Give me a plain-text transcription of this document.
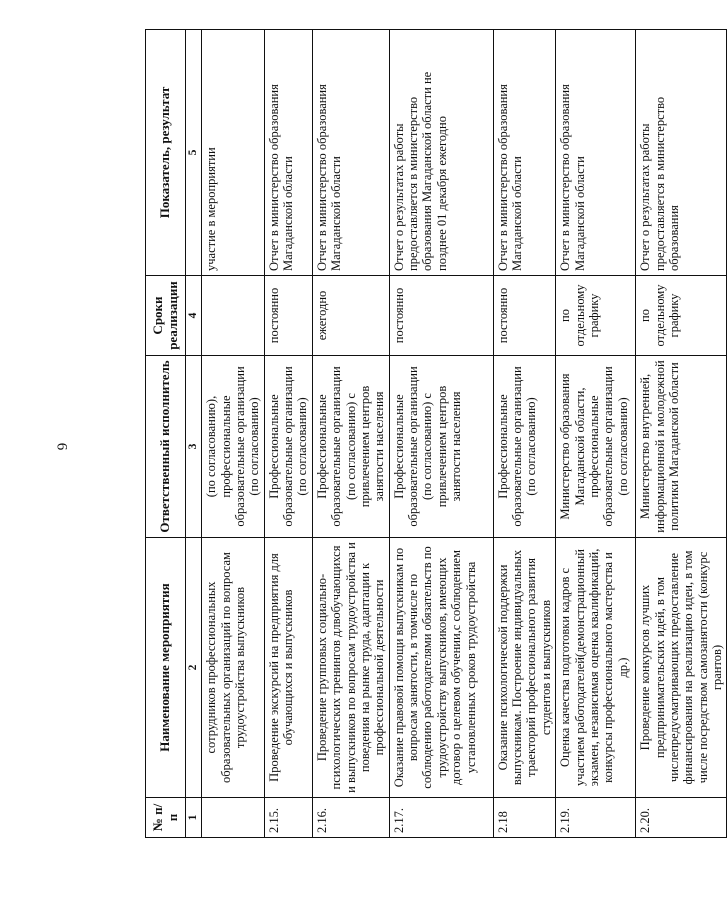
6
№ п/п	Наименование мероприятия	Ответственный исполнитель	Сроки реализации	Показатель, результат
1	2	3	4	5
	сотрудников профессиональных образовательных организаций по вопросам трудоустройства выпускников	(по согласованию), профессиональные образовательные организации (по согласованию)		участие в мероприятии
2.15.	Проведение экскурсий на предприятия для обучающихся и выпускников	Профессиональные образовательные организации (по согласованию)	постоянно	Отчет в министерство образования Магаданской области
2.16.	Проведение групповых социально-психологических тренингов длвобучающихся и выпускников по вопросам трудоустройства и поведения на рынке труда, адаптации к профессиональной деятельности	Профессиональные образовательные организации (по согласованию) с привлечением центров занятости населения	ежегодно	Отчет в министерство образования Магаданской области
2.17.	Оказание правовой помощи выпускникам по вопросам занятости, в томчисле по соблюдению работодателями обязательств по трудоустройству выпускников, имеющих договор о целевом обучении,с соблюдением установленных сроков трудоустройства	Профессиональные образовательные организации (по согласованию) с привлечением центров занятости населения	постоянно	Отчет о результатах работы предоставляется в министерство образования Магаданской области не позднее 01 декабря ежегодно
2.18	Оказание психологической поддержки выпускникам. Построение индивидуальных траекторий профессионального развития студентов и выпускников	Профессиональные образовательные организации (по согласованию)	постоянно	Отчет в министерство образования Магаданской области
2.19.	Оценка качества подготовки кадров с участием работодателей(демонстрационный экзамен, независимая оценка квалификаций, конкурсы профессионального мастерства и др.)	Министерство образования Магаданской области, профессиональные образовательные организации (по согласованию)	по отдельному графику	Отчет в министерство образования Магаданской области
2.20.	Проведение конкурсов лучших предпринимательских идей, в том числепредусматривающих предоставление финансирования на реализацию идеи, в том числе посредством самозанятости (конкурс грантов)	Министерство внутренней, информационной и молодежной политики Магаданской области	по отдельному графику	Отчет о результатах работы предоставляется в министерство образования
